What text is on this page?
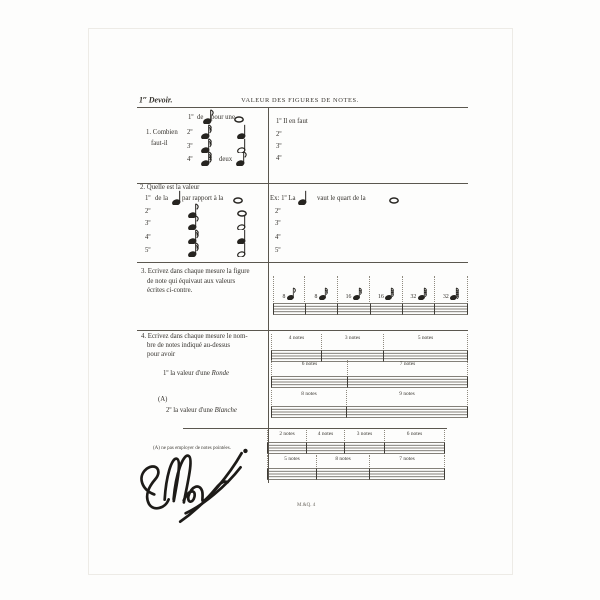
1er Devoir.	VALEUR DES FIGURES DE NOTES.
1. Combien
faut-il
2. Quelle est la valeur
3. Ecrivez dans chaque mesure la figure
de note qui équivaut aux valeurs
écrites ci-contre.
4. Ecrivez dans chaque mesure le nom-
bre de notes indiqué au-dessus
pour avoir
1º la valeur d'une Ronde
(A)
2º la valeur d'une Blanche
(A) ne pas employer de notes pointées.
M.&Q. 4
1º de pour une
2º
3º
4º	deux
1º Il en faut
2º
3º
4º
1º de la par rapport à la
2º
3º
4º
5º
Ex: 1º La	vaut le quart de la
2º
3º
4º
5º
8	8	16	16	32	32
4 notes	3 notes	5 notes
6 notes	7 notes
8 notes	9 notes
2 notes	4 notes	3 notes	6 notes
5 notes	8 notes	7 notes
